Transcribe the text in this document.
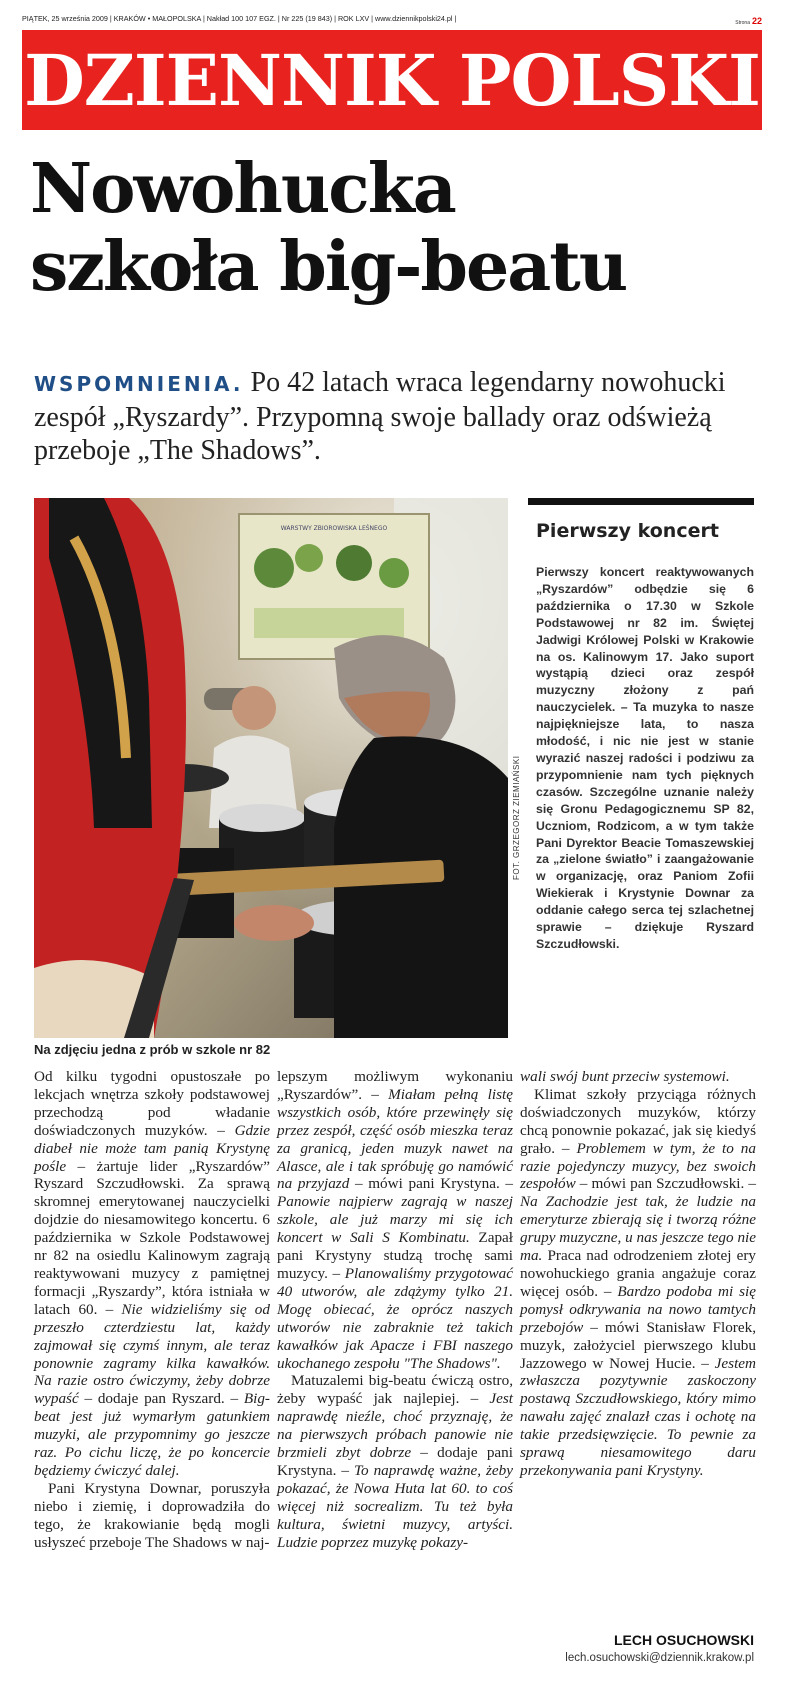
PIĄTEK, 25 września 2009 | KRAKÓW • MAŁOPOLSKA | Nakład 100 107 EGZ. | Nr 225 (19 843) | ROK LXV | www.dziennikpolski24.pl |	Strona 22
DZIENNIK POLSKI
Nowohucka
szkoła big-beatu
WSPOMNIENIA. Po 42 latach wraca legendarny nowohucki zespół „Ryszardy”. Przypomną swoje ballady oraz odświeżą przeboje „The Shadows”.
WARSTWY ZBIOROWISKA LEŚNEGO
FOT. GRZEGORZ ZIEMIAŃSKI
Na zdjęciu jedna z prób w szkole nr 82
Pierwszy koncert

Pierwszy koncert reaktywowanych „Ryszardów” odbędzie się 6 października o 17.30 w Szkole Podstawowej nr 82 im. Świętej Jadwigi Królowej Polski w Krakowie na os. Kalinowym 17. Jako suport wystąpią dzieci oraz zespół muzyczny złożony z pań nauczycielek. – Ta muzyka to nasze najpiękniejsze lata, to nasza młodość, i nic nie jest w stanie wyrazić naszej radości i podziwu za przypomnienie nam tych pięknych czasów. Szczególne uznanie należy się Gronu Pedagogicznemu SP 82, Uczniom, Rodzicom, a w tym także Pani Dyrektor Beacie Tomaszewskiej za „zielone światło” i zaangażowanie w organizację, oraz Paniom Zofii Wiekierak i Krystynie Downar za oddanie całego serca tej szlachetnej sprawie – dziękuje Ryszard Szczudłowski.

Od kilku tygodni opustoszałe po lekcjach wnętrza szkoły podstawowej przechodzą pod władanie doświadczonych muzyków. – Gdzie diabeł nie może tam panią Krystynę pośle – żartuje lider „Ryszardów” Ryszard Szczudłowski. Za sprawą skromnej emerytowanej nauczycielki dojdzie do niesamowitego koncertu. 6 października w Szkole Podstawowej nr 82 na osiedlu Kalinowym zagrają reaktywowani muzycy z pamiętnej formacji „Ryszardy”, która istniała w latach 60. – Nie widzieliśmy się od przeszło czterdziestu lat, każdy zajmował się czymś innym, ale teraz ponownie zagramy kilka kawałków. Na razie ostro ćwiczymy, żeby dobrze wypaść – dodaje pan Ryszard. – Big-beat jest już wymarłym gatunkiem muzyki, ale przypomnimy go jeszcze raz. Po cichu liczę, że po koncercie będziemy ćwiczyć dalej.

Pani Krystyna Downar, poruszyła niebo i ziemię, i doprowadziła do tego, że krakowianie będą mogli usłyszeć przeboje The Shadows w naj-

lepszym możliwym wykonaniu „Ryszardów”. – Miałam pełną listę wszystkich osób, które przewinęły się przez zespół, część osób mieszka teraz za granicą, jeden muzyk nawet na Alasce, ale i tak spróbuję go namówić na przyjazd – mówi pani Krystyna. – Panowie najpierw zagrają w naszej szkole, ale już marzy mi się ich koncert w Sali S Kombinatu. Zapał pani Krystyny studzą trochę sami muzycy. – Planowaliśmy przygotować 40 utworów, ale zdążymy tylko 21. Mogę obiecać, że oprócz naszych utworów nie zabraknie też takich kawałków jak Apacze i FBI naszego ukochanego zespołu "The Shadows".

Matuzalemi big-beatu ćwiczą ostro, żeby wypaść jak najlepiej. – Jest naprawdę nieźle, choć przyznaję, że na pierwszych próbach panowie nie brzmieli zbyt dobrze – dodaje pani Krystyna. – To naprawdę ważne, żeby pokazać, że Nowa Huta lat 60. to coś więcej niż socrealizm. Tu też była kultura, świetni muzycy, artyści. Ludzie poprzez muzykę pokazy-

wali swój bunt przeciw systemowi.

Klimat szkoły przyciąga różnych doświadczonych muzyków, którzy chcą ponownie pokazać, jak się kiedyś grało. – Problemem w tym, że to na razie pojedynczy muzycy, bez swoich zespołów – mówi pan Szczudłowski. – Na Zachodzie jest tak, że ludzie na emeryturze zbierają się i tworzą różne grupy muzyczne, u nas jeszcze tego nie ma. Praca nad odrodzeniem złotej ery nowohuckiego grania angażuje coraz więcej osób. – Bardzo podoba mi się pomysł odkrywania na nowo tamtych przebojów – mówi Stanisław Florek, muzyk, założyciel pierwszego klubu Jazzowego w Nowej Hucie. – Jestem zwłaszcza pozytywnie zaskoczony postawą Szczudłowskiego, który mimo nawału zajęć znalazł czas i ochotę na takie przedsięwzięcie. To pewnie za sprawą niesamowitego daru przekonywania pani Krystyny.

LECH OSUCHOWSKI
lech.osuchowski@dziennik.krakow.pl
